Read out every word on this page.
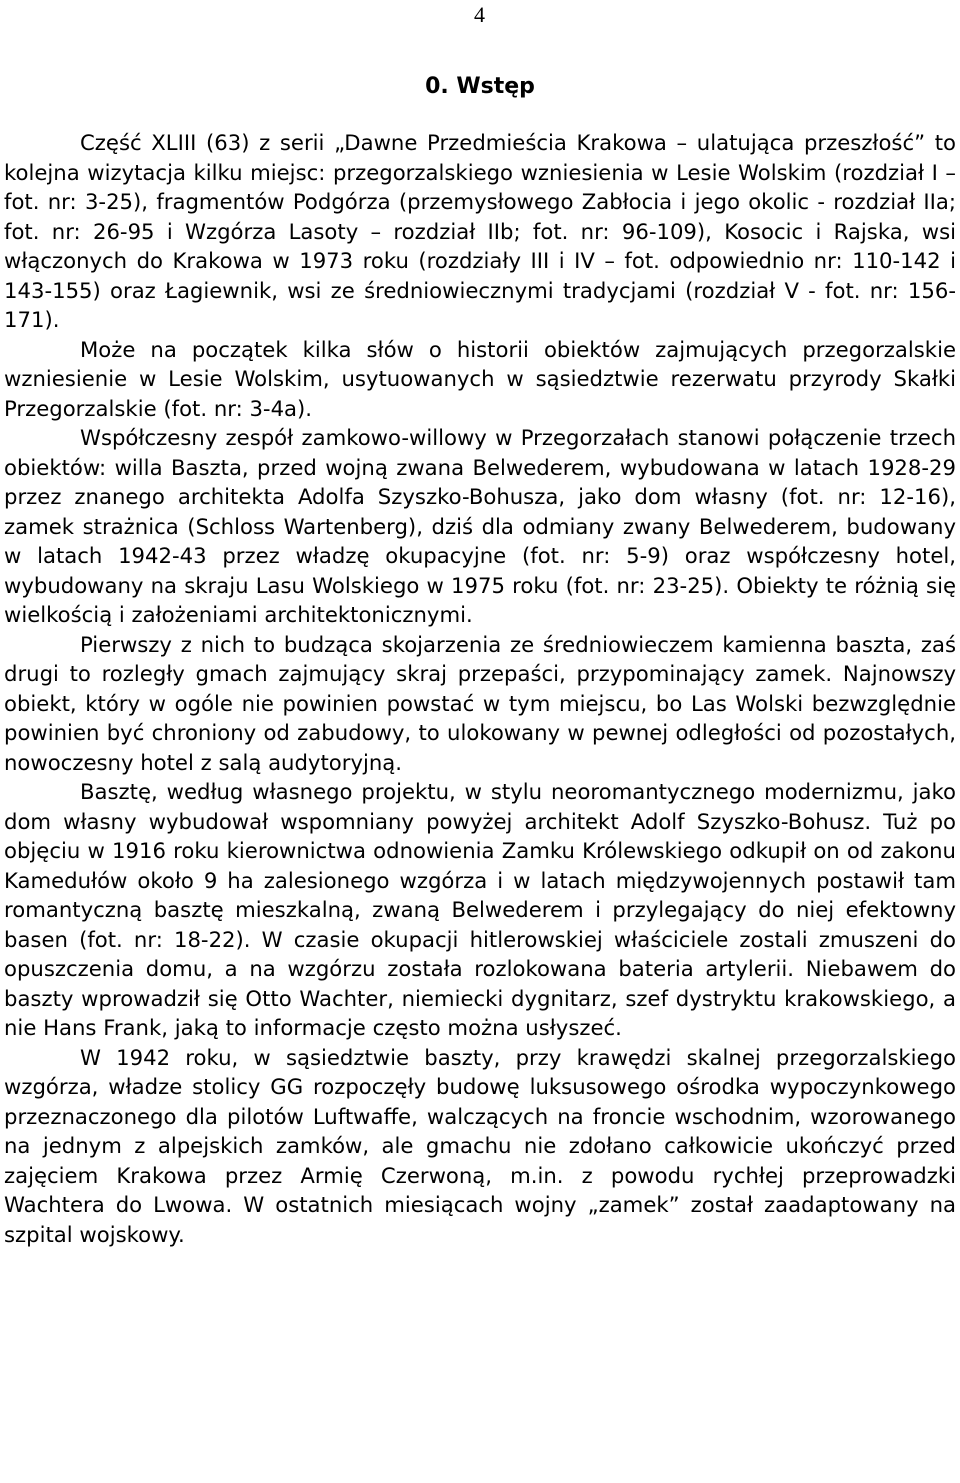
4
0. Wstęp

Część XLIII (63) z serii „Dawne Przedmieścia Krakowa – ulatująca przeszłość” to kolejna wizytacja kilku miejsc: przegorzalskiego wzniesienia w Lesie Wolskim (rozdział I – fot. nr: 3-25), fragmentów Podgórza (przemysłowego Zabłocia i jego okolic - rozdział IIa; fot. nr: 26-95 i Wzgórza Lasoty – rozdział IIb; fot. nr: 96-109), Kosocic i Rajska, wsi włączonych do Krakowa w 1973 roku (rozdziały III i IV – fot. odpowiednio nr: 110-142 i 143-155) oraz Łagiewnik, wsi ze średniowiecznymi tradycjami (rozdział V - fot. nr: 156-171).

Może na początek kilka słów o historii obiektów zajmujących przegorzalskie wzniesienie w Lesie Wolskim, usytuowanych w sąsiedztwie rezerwatu przyrody Skałki Przegorzalskie (fot. nr: 3-4a).

Współczesny zespół zamkowo-willowy w Przegorzałach stanowi połączenie trzech obiektów: willa Baszta, przed wojną zwana Belwederem, wybudowana w latach 1928-29 przez znanego architekta Adolfa Szyszko-Bohusza, jako dom własny (fot. nr: 12-16), zamek strażnica (Schloss Wartenberg), dziś dla odmiany zwany Belwederem, budowany w latach 1942-43 przez władzę okupacyjne (fot. nr: 5-9) oraz współczesny hotel, wybudowany na skraju Lasu Wolskiego w 1975 roku (fot. nr: 23-25). Obiekty te różnią się wielkością i założeniami architektonicznymi.

Pierwszy z nich to budząca skojarzenia ze średniowieczem kamienna baszta, zaś drugi to rozległy gmach zajmujący skraj przepaści, przypominający zamek. Najnowszy obiekt, który w ogóle nie powinien powstać w tym miejscu, bo Las Wolski bezwzględnie powinien być chroniony od zabudowy, to ulokowany w pewnej odległości od pozostałych, nowoczesny hotel z salą audytoryjną.

Basztę, według własnego projektu, w stylu neoromantycznego modernizmu, jako dom własny wybudował wspomniany powyżej architekt Adolf Szyszko-Bohusz. Tuż po objęciu w 1916 roku kierownictwa odnowienia Zamku Królewskiego odkupił on od zakonu Kamedułów około 9 ha zalesionego wzgórza i w latach międzywojennych postawił tam romantyczną basztę mieszkalną, zwaną Belwederem i przylegający do niej efektowny basen (fot. nr: 18-22). W czasie okupacji hitlerowskiej właściciele zostali zmuszeni do opuszczenia domu, a na wzgórzu została rozlokowana bateria artylerii. Niebawem do baszty wprowadził się Otto Wachter, niemiecki dygnitarz, szef dystryktu krakowskiego, a nie Hans Frank, jaką to informacje często można usłyszeć.

W 1942 roku, w sąsiedztwie baszty, przy krawędzi skalnej przegorzalskiego wzgórza, władze stolicy GG rozpoczęły budowę luksusowego ośrodka wypoczynkowego przeznaczonego dla pilotów Luftwaffe, walczących na froncie wschodnim, wzorowanego na jednym z alpejskich zamków, ale gmachu nie zdołano całkowicie ukończyć przed zajęciem Krakowa przez Armię Czerwoną, m.in. z powodu rychłej przeprowadzki Wachtera do Lwowa. W ostatnich miesiącach wojny „zamek” został zaadaptowany na szpital wojskowy.
